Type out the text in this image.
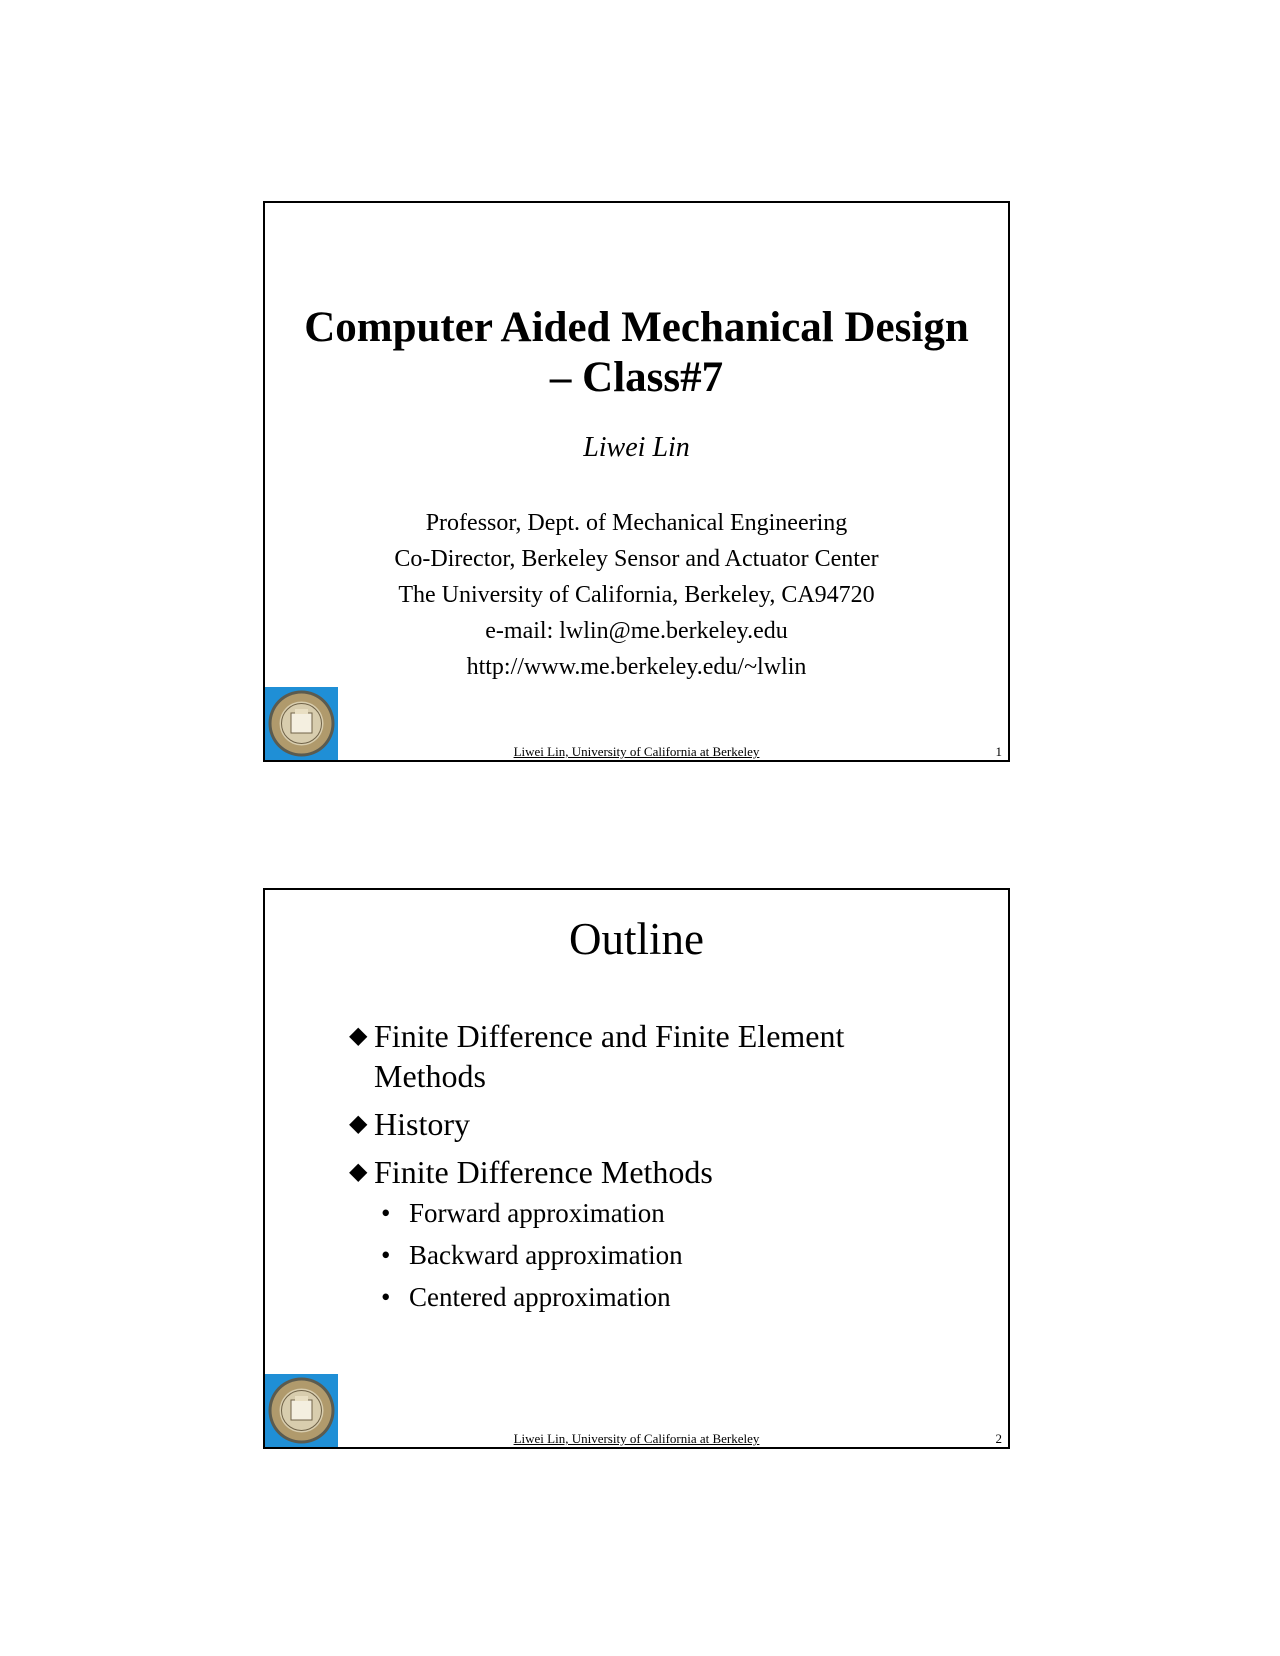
Computer Aided Mechanical Design
– Class#7
Liwei Lin
Professor, Dept. of Mechanical Engineering
Co-Director, Berkeley Sensor and Actuator Center
The University of California, Berkeley, CA94720
e-mail: lwlin@me.berkeley.edu
http://www.me.berkeley.edu/~lwlin
Liwei Lin, University of California at Berkeley	1
Outline
◆ Finite Difference and Finite Element Methods
◆ History
◆ Finite Difference Methods
• Forward approximation
• Backward approximation
• Centered approximation
Liwei Lin, University of California at Berkeley	2
